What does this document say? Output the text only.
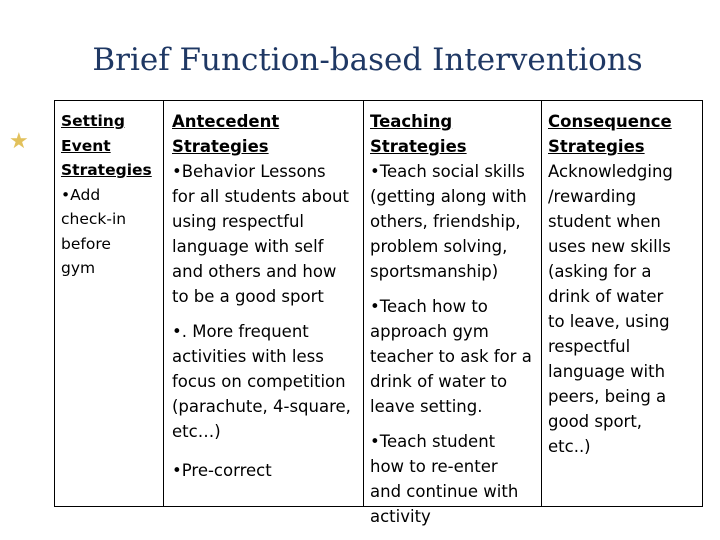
Brief Function-based Interventions
★
Setting
Event
Strategies

• Add

check-in

before

gym

Antecedent Strategies

• Behavior Lessons

for all students about

using respectful

language with self

and others and how

to be a good sport

• . More frequent

activities with less

focus on competition

(parachute, 4-square,

etc…)

• Pre-correct

Teaching Strategies

• Teach social skills

(getting along with

others, friendship,

problem solving,

sportsmanship)

• Teach how to

approach gym

teacher to ask for a

drink of water to

leave setting.

• Teach student

how to re-enter

and continue with

activity

Consequence
Strategies

Acknowledging

/rewarding

student when

uses new skills

(asking for a

drink of water

to leave, using

respectful

language with

peers, being a

good sport,

etc..)
